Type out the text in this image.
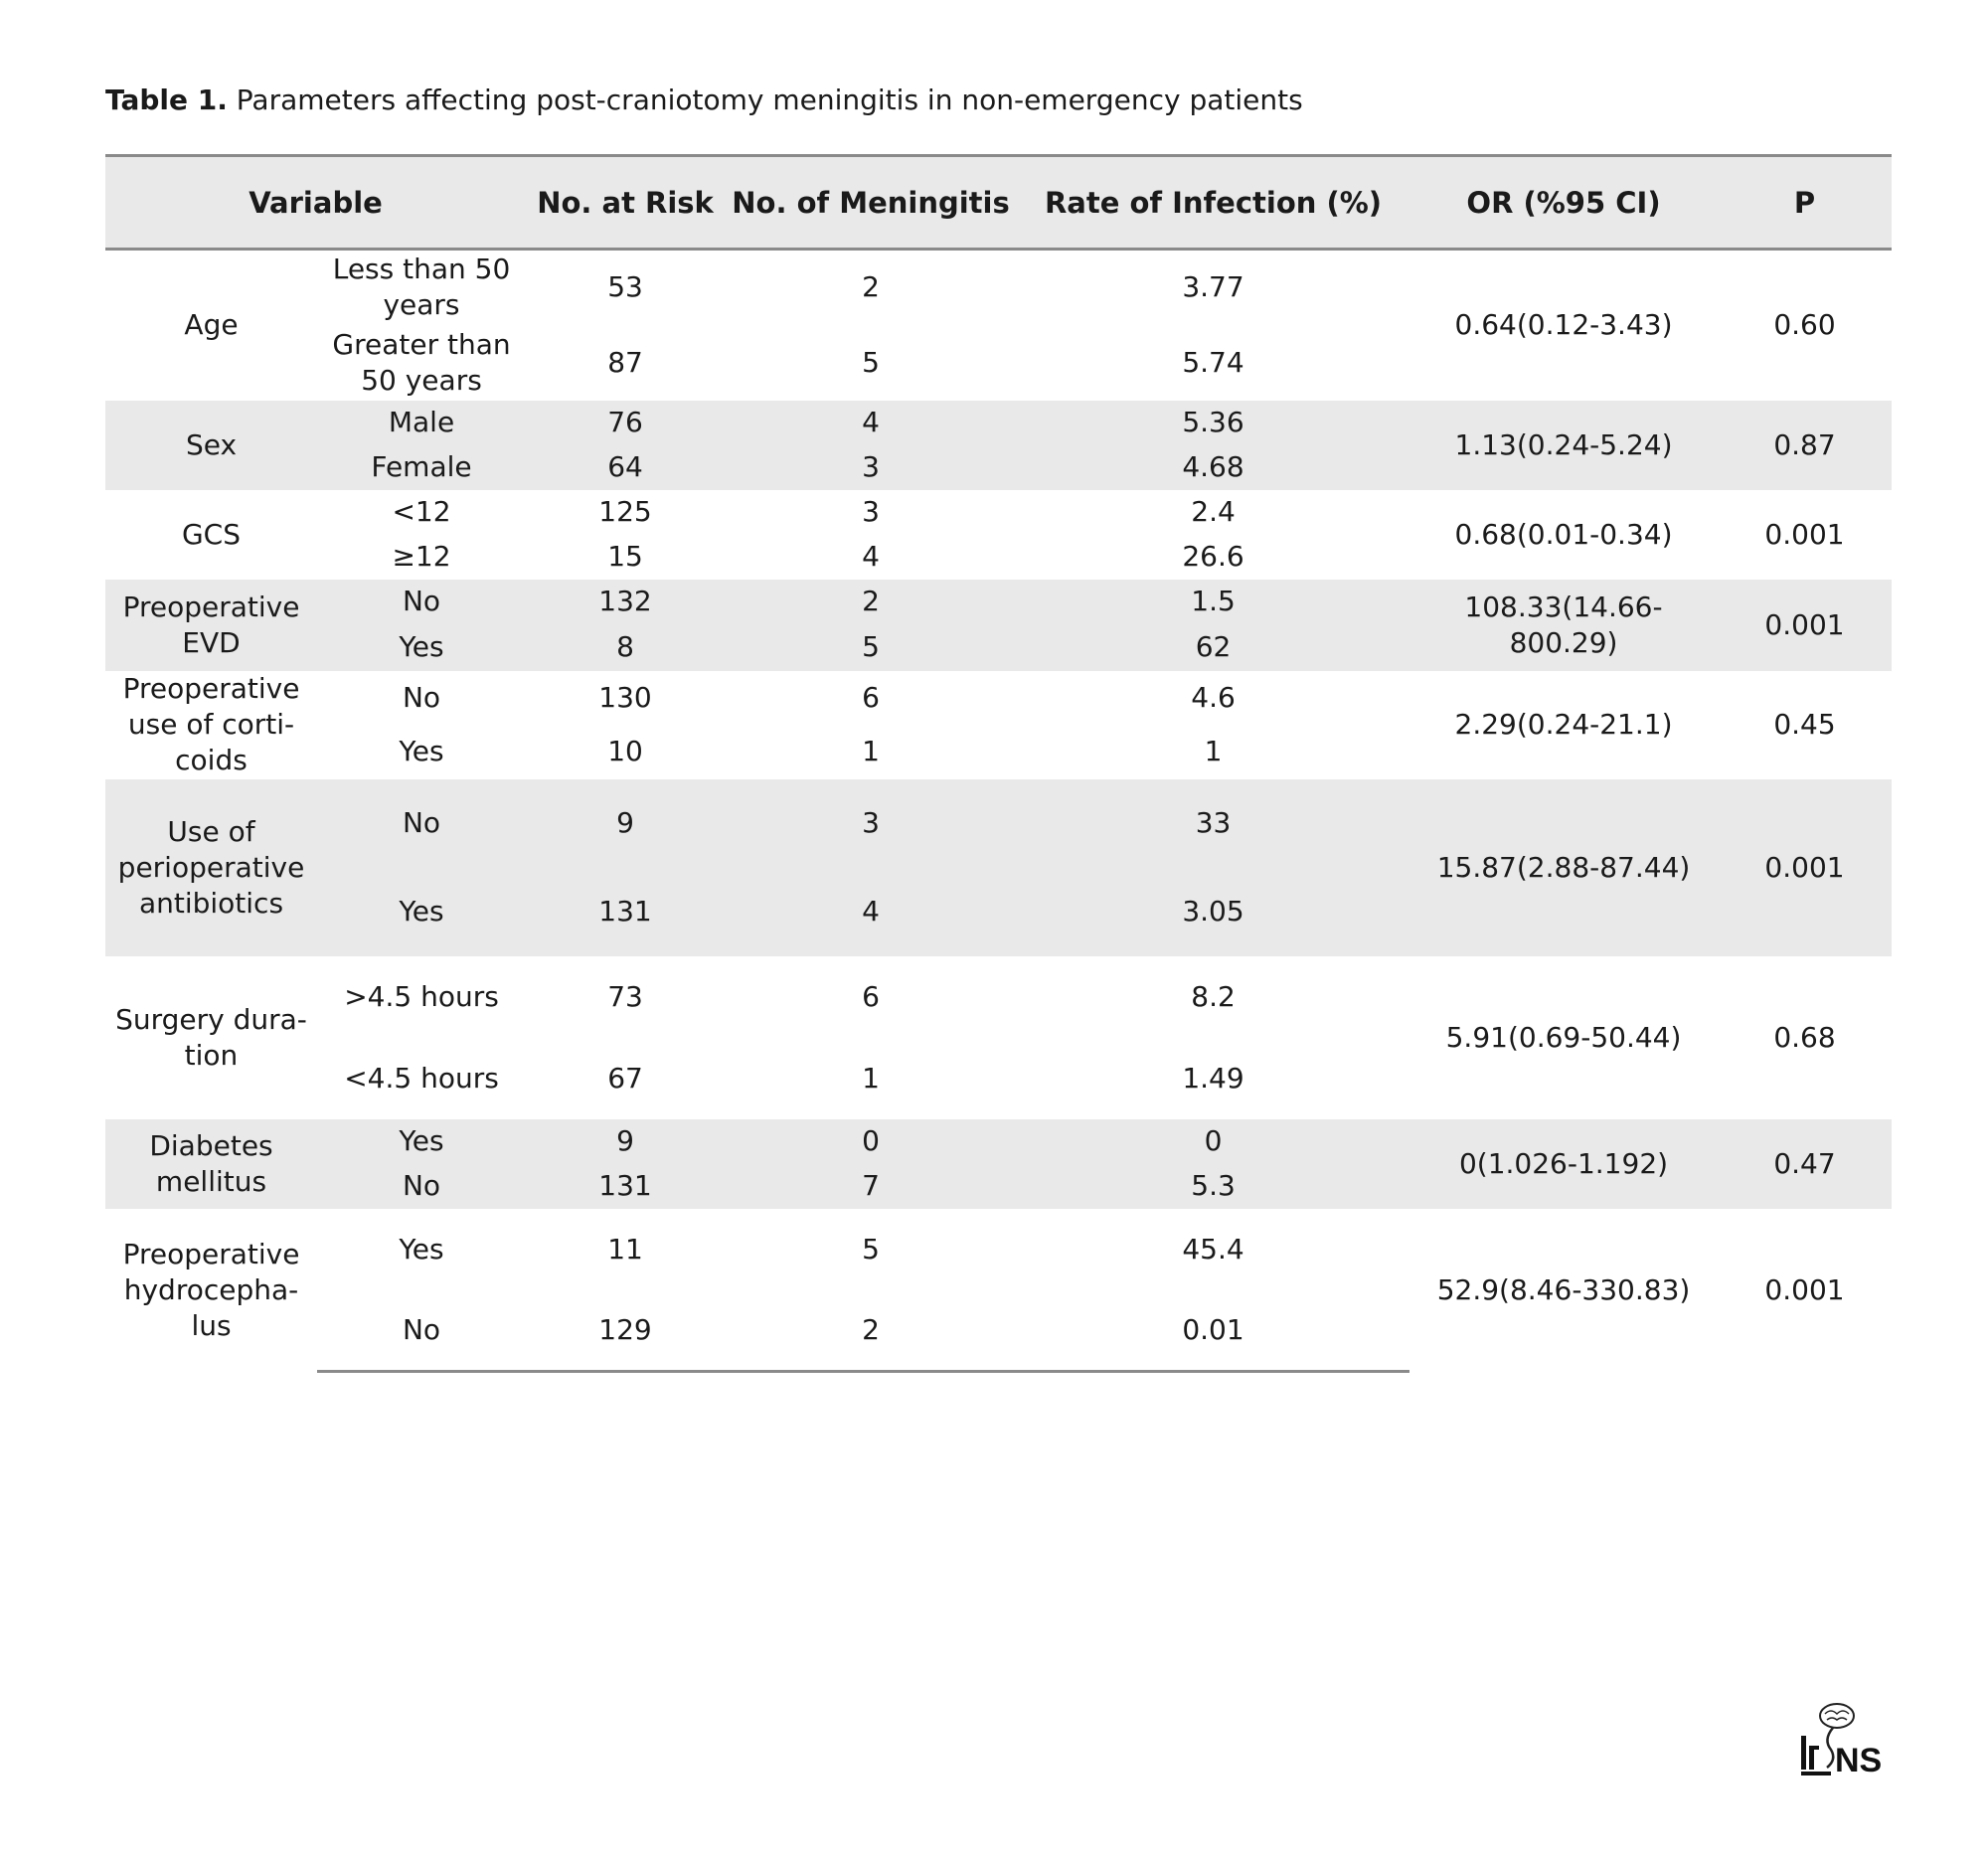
Table 1. Parameters affecting post-craniotomy meningitis in non-emergency patients
Variable		No. at Risk	No. of Meningitis	Rate of Infection (%)	OR (%95 CI)	P
Age	Less than 50 years	53	2	3.77	0.64(0.12-3.43)	0.60
	Greater than 50 years	87	5	5.74		
Sex	Male	76	4	5.36	1.13(0.24-5.24)	0.87
	Female	64	3	4.68		
GCS	<12	125	3	2.4	0.68(0.01-0.34)	0.001
	≥12	15	4	26.6		
Preoperative EVD	No	132	2	1.5	108.33(14.66-800.29)	0.001
	Yes	8	5	62		
Preoperative use of corti-coids	No	130	6	4.6	2.29(0.24-21.1)	0.45
	Yes	10	1	1		
Use of perioperative antibiotics	No	9	3	33	15.87(2.88-87.44)	0.001
	Yes	131	4	3.05		
Surgery dura-tion	>4.5 hours	73	6	8.2	5.91(0.69-50.44)	0.68
	<4.5 hours	67	1	1.49		
Diabetes mellitus	Yes	9	0	0	0(1.026-1.192)	0.47
	No	131	7	5.3		
Preoperative hydrocepha-lus	Yes	11	5	45.4	52.9(8.46-330.83)	0.001
	No	129	2	0.01		
NS
